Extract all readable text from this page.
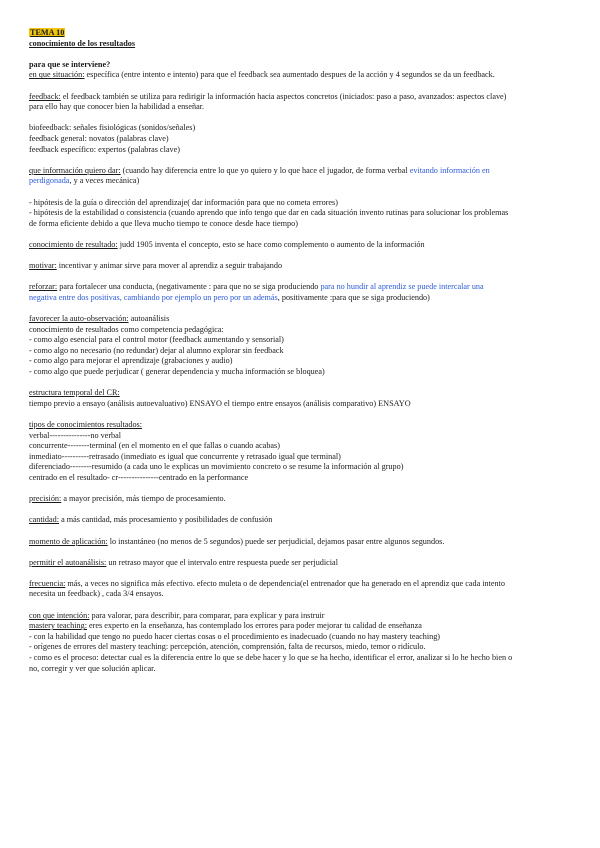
TEMA 10
conocimiento de los resultados
para que se interviene?
en que situación: específica (entre intento e intento) para que el feedback sea aumentado despues de la acción y 4 segundos se da un feedback.
feedback: el feedback también se utiliza para redirigir la información hacia aspectos concretos (iniciados: paso a paso, avanzados: aspectos clave)
para ello hay que conocer bien la habilidad a enseñar.
biofeedback: señales fisiológicas (sonidos/señales)
feedback general: novatos (palabras clave)
feedback específico: expertos (palabras clave)
que información quiero dar: (cuando hay diferencia entre lo que yo quiero y lo que hace el jugador, de forma verbal evitando información en
perdigonada, y a veces mecánica)
- hipótesis de la guía o dirección del aprendizaje( dar información para que no cometa errores)
- hipótesis de la estabilidad o consistencia (cuando aprendo que info tengo que dar en cada situación invento rutinas para solucionar los problemas
de forma eficiente debido a que lleva mucho tiempo te conoce desde hace tiempo)
conocimiento de resultado: judd 1905 inventa el concepto, esto se hace como complemento o aumento de la información
motivar: incentivar y animar sirve para mover al aprendiz a seguir trabajando
reforzar: para fortalecer una conducta, (negativamente : para que no se siga produciendo para no hundir al aprendiz se puede intercalar una
negativa entre dos positivas, cambiando por ejemplo un pero por un además, positivamente :para que se siga produciendo)
favorecer la auto-observación: autoanálisis
conocimiento de resultados como competencia pedagógica:
- como algo esencial para el control motor (feedback aumentando y sensorial)
- como algo no necesario (no redundar) dejar al alumno explorar sin feedback
- como algo para mejorar el aprendizaje (grabaciones y audio)
- como algo que puede perjudicar ( generar dependencia y mucha información se bloquea)
estructura temporal del CR:
tiempo previo a ensayo (análisis autoevaluativo) ENSAYO el tiempo entre ensayos (análisis comparativo) ENSAYO
tipos de conocimientos resultados:
verbal---------------no verbal
concurrente--------terminal (en el momento en el que fallas o cuando acabas)
inmediato----------retrasado (inmediato es igual que concurrente y retrasado igual que terminal)
diferenciado--------resumido (a cada uno le explicas un movimiento concreto o se resume la información al grupo)
centrado en el resultado- cr---------------centrado en la performance
precisión: a mayor precisión, más tiempo de procesamiento.
cantidad: a más cantidad, más procesamiento y posibilidades de confusión
momento de aplicación: lo instantáneo (no menos de 5 segundos) puede ser perjudicial, dejamos pasar entre algunos segundos.
permitir el autoanálisis: un retraso mayor que el intervalo entre respuesta puede ser perjudicial
frecuencia: más, a veces no significa más efectivo. efecto muleta o de dependencia(el entrenador que ha generado en el aprendiz que cada intento
necesita un feedback) , cada 3/4 ensayos.
con que intención: para valorar, para describir, para comparar, para explicar y para instruir
mastery teaching: eres experto en la enseñanza, has contemplado los errores para poder mejorar tu calidad de enseñanza
- con la habilidad que tengo no puedo hacer ciertas cosas o el procedimiento es inadecuado (cuando no hay mastery teaching)
- orígenes de errores del mastery teaching: percepción, atención, comprensión, falta de recursos, miedo, temor o ridículo.
- como es el proceso: detectar cual es la diferencia entre lo que se debe hacer y lo que se ha hecho, identificar el error, analizar si lo he hecho bien o
no, corregir y ver que solución aplicar.
